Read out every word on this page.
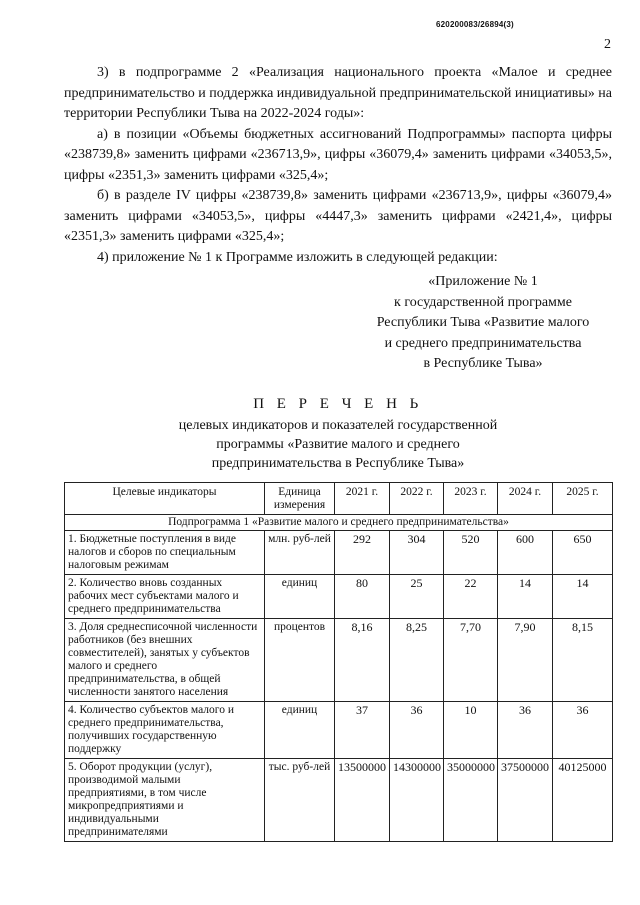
620200083/26894(3)
2

3) в подпрограмме 2 «Реализация национального проекта «Малое и среднее предпринимательство и поддержка индивидуальной предпринимательской инициативы» на территории Республики Тыва на 2022-2024 годы»:

а) в позиции «Объемы бюджетных ассигнований Подпрограммы» паспорта цифры «238739,8» заменить цифрами «236713,9», цифры «36079,4» заменить цифрами «34053,5», цифры «2351,3» заменить цифрами «325,4»;

б) в разделе IV цифры «238739,8» заменить цифрами «236713,9», цифры «36079,4» заменить цифрами «34053,5», цифры «4447,3» заменить цифрами «2421,4», цифры «2351,3» заменить цифрами «325,4»;

4) приложение № 1 к Программе изложить в следующей редакции:

«Приложение № 1
к государственной программе
Республики Тыва «Развитие малого
и среднего предпринимательства
в Республике Тыва»
П Е Р Е Ч Е Н Ь
целевых индикаторов и показателей государственной
программы «Развитие малого и среднего
предпринимательства в Республике Тыва»
Целевые индикаторы	Единица измерения	2021 г.	2022 г.	2023 г.	2024 г.	2025 г.
Подпрограмма 1 «Развитие малого и среднего предпринимательства»						
1. Бюджетные поступления в виде налогов и сборов по специальным налоговым режимам	млн. руб-лей	292	304	520	600	650
2. Количество вновь созданных рабочих мест субъектами малого и среднего предпринимательства	единиц	80	25	22	14	14
3. Доля среднесписочной численности работников (без внешних совместителей), занятых у субъектов малого и среднего предпринимательства, в общей численности занятого населения	процентов	8,16	8,25	7,70	7,90	8,15
4. Количество субъектов малого и среднего предпринимательства, получивших государственную поддержку	единиц	37	36	10	36	36
5. Оборот продукции (услуг), производимой малыми предприятиями, в том числе микропредприятиями и индивидуальными предпринимателями	тыс. руб-лей	13500000	14300000	35000000	37500000	40125000
